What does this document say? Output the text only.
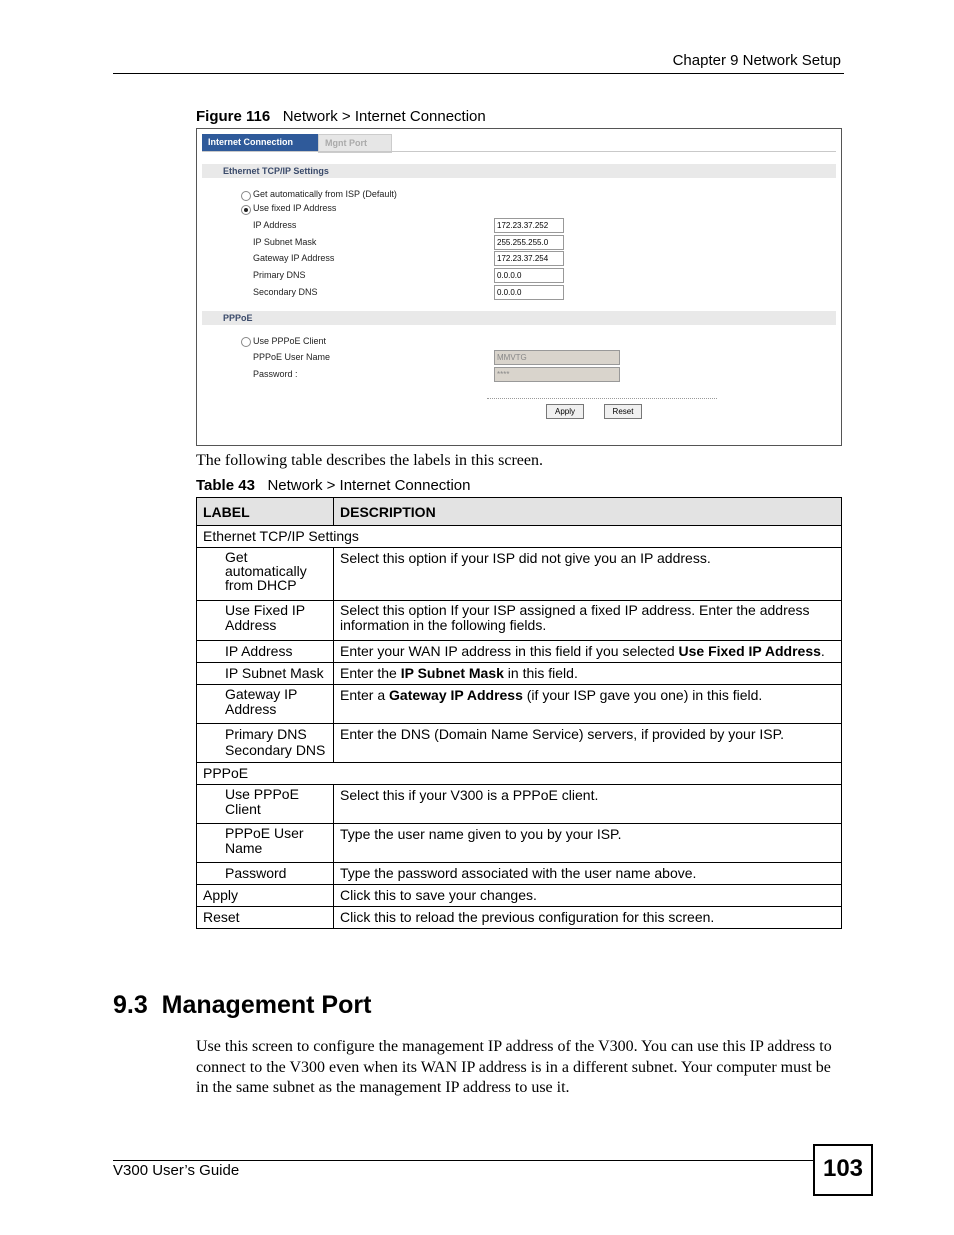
Chapter 9 Network Setup
Figure 116 Network > Internet Connection
Internet Connection	Mgnt Port
Ethernet TCP/IP Settings
Get automatically from ISP (Default)
Use fixed IP Address
IP Address	172.23.37.252
IP Subnet Mask	255.255.255.0
Gateway IP Address	172.23.37.254
Primary DNS	0.0.0.0
Secondary DNS	0.0.0.0
PPPoE
Use PPPoE Client
PPPoE User Name	MMVTG
Password :	****
Apply	Reset
The following table describes the labels in this screen.
Table 43 Network > Internet Connection
LABEL	DESCRIPTION
Ethernet TCP/IP Settings	

Get automatically from DHCP	Select this option if your ISP did not give you an IP address.

Use Fixed IP Address	Select this option If your ISP assigned a fixed IP address. Enter the address information in the following fields.
IP Address	Enter your WAN IP address in this field if you selected Use Fixed IP Address.
IP Subnet Mask	Enter the IP Subnet Mask in this field.

Gateway IP Address	Enter a Gateway IP Address (if your ISP gave you one) in this field.

Primary DNS
Secondary DNS	Enter the DNS (Domain Name Service) servers, if provided by your ISP.
PPPoE	

Use PPPoE Client	Select this if your V300 is a PPPoE client.

PPPoE User Name	Type the user name given to you by your ISP.
Password	Type the password associated with the user name above.
Apply	Click this to save your changes.
Reset	Click this to reload the previous configuration for this screen.
9.3  Management Port
Use this screen to configure the management IP address of the V300. You can use this IP address to connect to the V300 even when its WAN IP address is in a different subnet. Your computer must be in the same subnet as the management IP address to use it.
V300 User’s Guide	103
